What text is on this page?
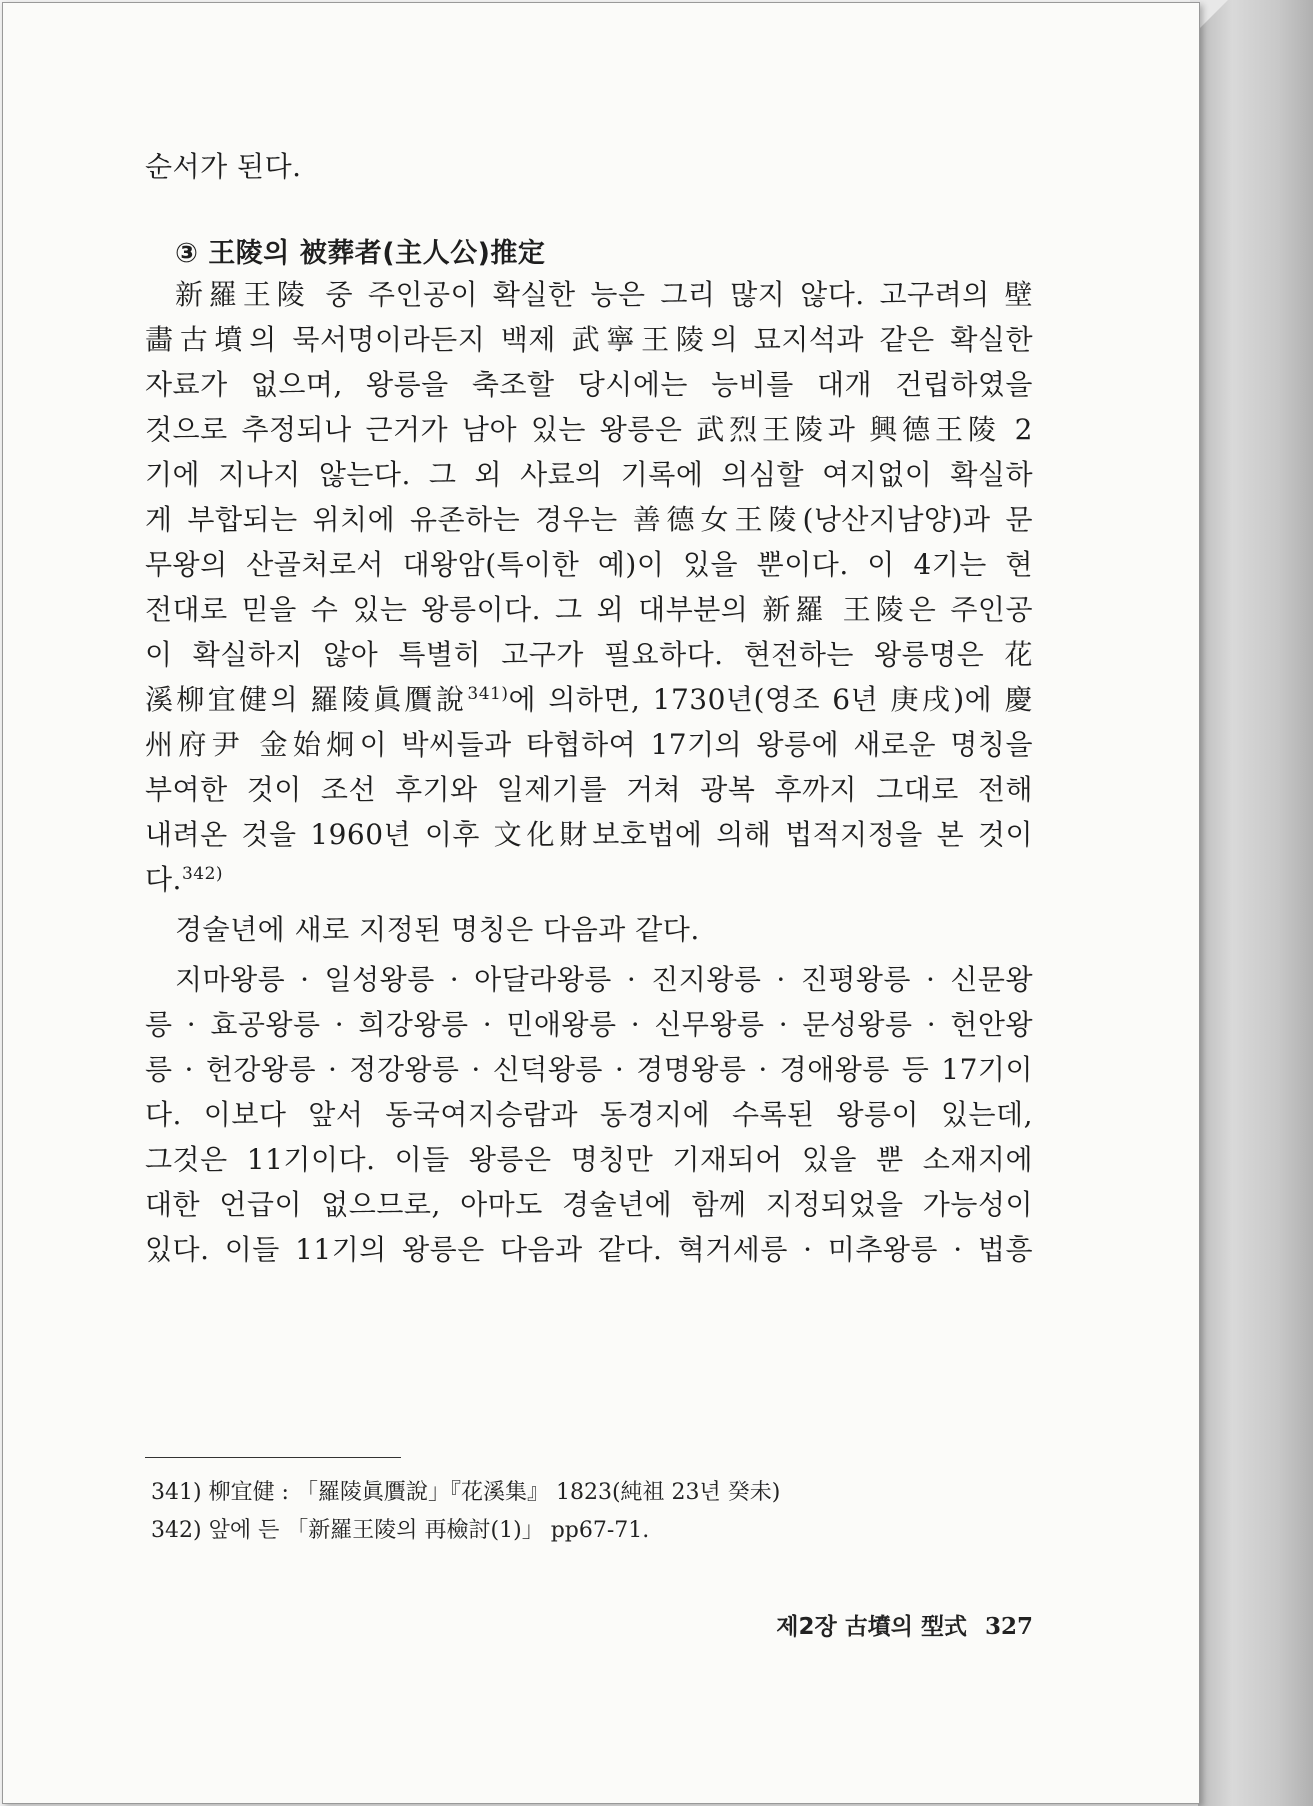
순서가 된다.
③ 王陵의 被葬者(主人公)推定
新羅王陵 중 주인공이 확실한 능은 그리 많지 않다. 고구려의 壁
畵古墳의 묵서명이라든지 백제 武寧王陵의 묘지석과 같은 확실한
자료가 없으며, 왕릉을 축조할 당시에는 능비를 대개 건립하였을
것으로 추정되나 근거가 남아 있는 왕릉은 武烈王陵과 興德王陵 2
기에 지나지 않는다. 그 외 사료의 기록에 의심할 여지없이 확실하
게 부합되는 위치에 유존하는 경우는 善德女王陵(낭산지남양)과 문
무왕의 산골처로서 대왕암(특이한 예)이 있을 뿐이다. 이 4기는 현
전대로 믿을 수 있는 왕릉이다. 그 외 대부분의 新羅 王陵은 주인공
이 확실하지 않아 특별히 고구가 필요하다. 현전하는 왕릉명은 花
溪柳宜健의 羅陵眞贋說$^{341)}$에 의하면, 1730년(영조 6년 庚戌)에 慶
州府尹 金始炯이 박씨들과 타협하여 17기의 왕릉에 새로운 명칭을
부여한 것이 조선 후기와 일제기를 거쳐 광복 후까지 그대로 전해
내려온 것을 1960년 이후 文化財보호법에 의해 법적지정을 본 것이
다.$^{342)}$
경술년에 새로 지정된 명칭은 다음과 같다.
지마왕릉 · 일성왕릉 · 아달라왕릉 · 진지왕릉 · 진평왕릉 · 신문왕
릉 · 효공왕릉 · 희강왕릉 · 민애왕릉 · 신무왕릉 · 문성왕릉 · 헌안왕
릉 · 헌강왕릉 · 정강왕릉 · 신덕왕릉 · 경명왕릉 · 경애왕릉 등 17기이
다. 이보다 앞서 동국여지승람과 동경지에 수록된 왕릉이 있는데,
그것은 11기이다. 이들 왕릉은 명칭만 기재되어 있을 뿐 소재지에
대한 언급이 없으므로, 아마도 경술년에 함께 지정되었을 가능성이
있다. 이들 11기의 왕릉은 다음과 같다. 혁거세릉 · 미추왕릉 · 법흥
341) 柳宜健 : 「羅陵眞贋說」『花溪集』 1823(純祖 23년 癸未)
342) 앞에 든 「新羅王陵의 再檢討(1)」 pp67-71.
제2장 古墳의 型式 327
